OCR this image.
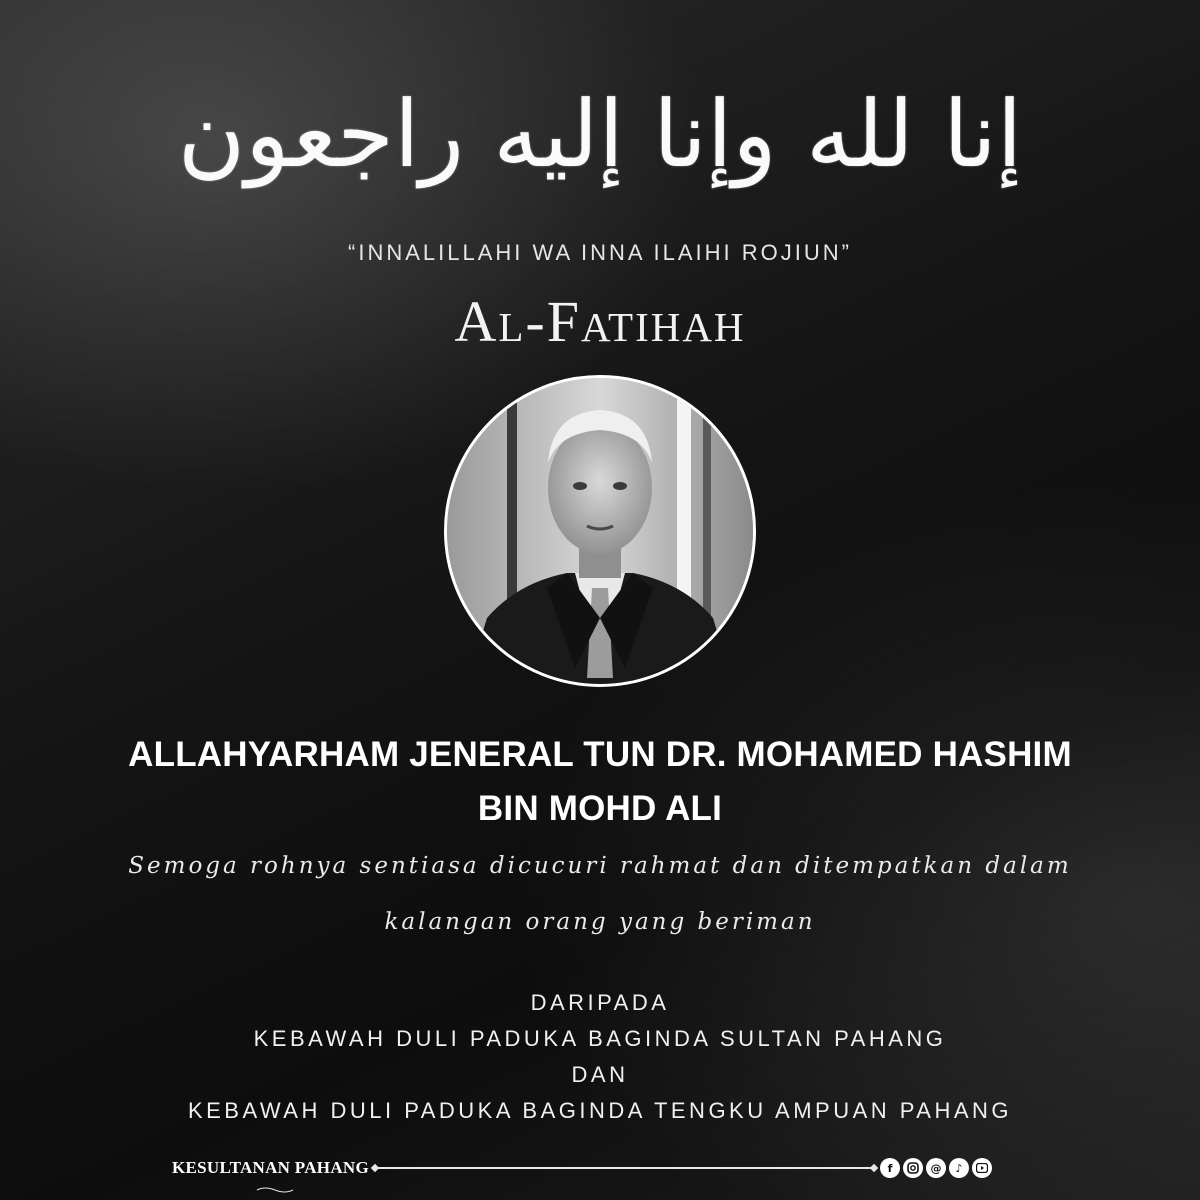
إنا لله وإنا إليه راجعون
“INNALILLAHI WA INNA ILAIHI ROJIUN”
Al-Fatihah
ALLAHYARHAM JENERAL TUN DR. MOHAMED HASHIM
BIN MOHD ALI
Semoga rohnya sentiasa dicucuri rahmat dan ditempatkan dalam
kalangan orang yang beriman
DARIPADA
KEBAWAH DULI PADUKA BAGINDA SULTAN PAHANG
DAN
KEBAWAH DULI PADUKA BAGINDA TENGKU AMPUAN PAHANG
KESULTANAN PAHANG	f	@ ♪
